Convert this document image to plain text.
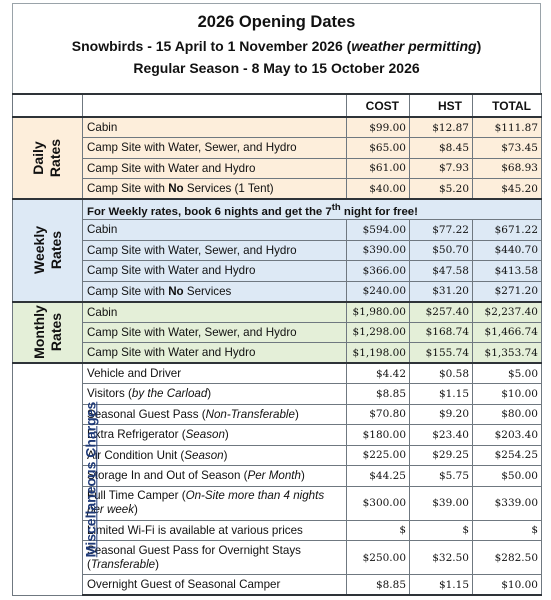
2026 Opening Dates
Snowbirds - 15 April to 1 November 2026 (weather permitting)
Regular Season - 8 May to 15 October 2026
		COST	HST	TOTAL
Daily
Rates	Cabin	$99.00	$12.87	$111.87
	Camp Site with Water, Sewer, and Hydro	$65.00	$8.45	$73.45
	Camp Site with Water and Hydro	$61.00	$7.93	$68.93
	Camp Site with No Services (1 Tent)	$40.00	$5.20	$45.20
Weekly
Rates	For Weekly rates, book 6 nights and get the 7th night for free!			
	Cabin	$594.00	$77.22	$671.22
	Camp Site with Water, Sewer, and Hydro	$390.00	$50.70	$440.70
	Camp Site with Water and Hydro	$366.00	$47.58	$413.58
	Camp Site with No Services	$240.00	$31.20	$271.20
Monthly
Rates	Cabin	$1,980.00	$257.40	$2,237.40
	Camp Site with Water, Sewer, and Hydro	$1,298.00	$168.74	$1,466.74
	Camp Site with Water and Hydro	$1,198.00	$155.74	$1,353.74
Miscellaneous Charges	Vehicle and Driver	$4.42	$0.58	$5.00
	Visitors (by the Carload)	$8.85	$1.15	$10.00
	Seasonal Guest Pass (Non-Transferable)	$70.80	$9.20	$80.00
	Extra Refrigerator (Season)	$180.00	$23.40	$203.40
	Air Condition Unit (Season)	$225.00	$29.25	$254.25
	Storage In and Out of Season (Per Month)	$44.25	$5.75	$50.00
	Full Time Camper (On-Site more than 4 nights per week)	$300.00	$39.00	$339.00
	Limited Wi-Fi is available at various prices	$	$	$
	Seasonal Guest Pass for Overnight Stays (Transferable)	$250.00	$32.50	$282.50
	Overnight Guest of Seasonal Camper	$8.85	$1.15	$10.00
